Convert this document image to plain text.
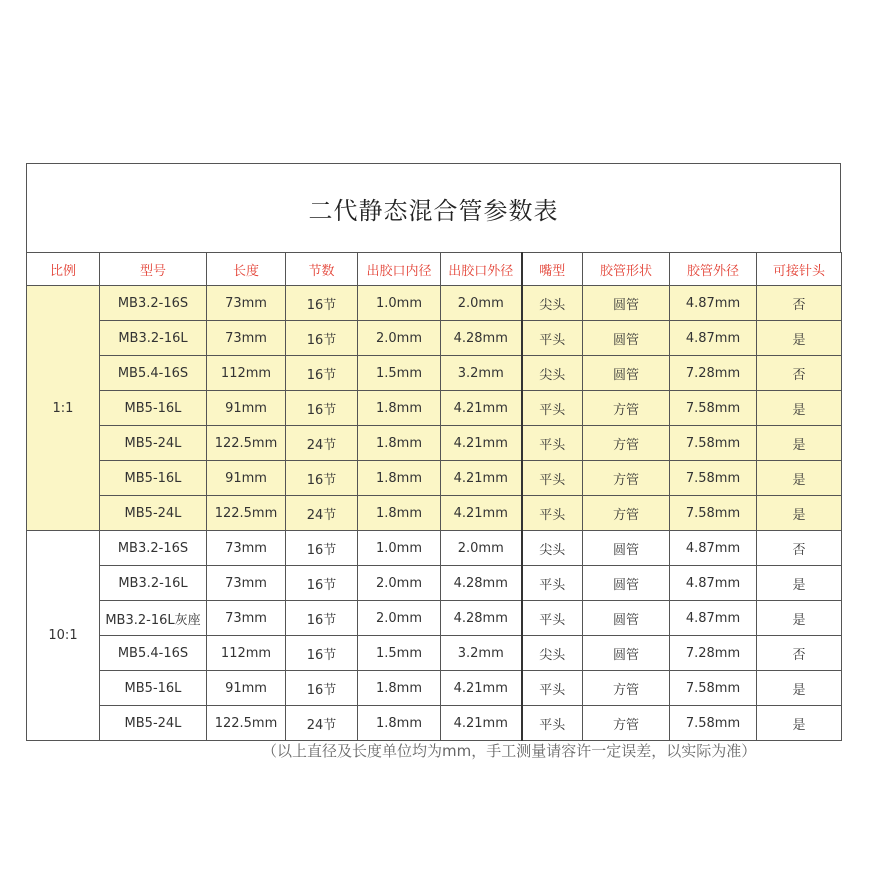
二代静态混合管参数表
比例	型号	长度	节数	出胶口内径	出胶口外径	嘴型	胶管形状	胶管外径	可接针头
1:1	MB3.2-16S	73mm	16节	1.0mm	2.0mm	尖头	圆管	4.87mm	否
	MB3.2-16L	73mm	16节	2.0mm	4.28mm	平头	圆管	4.87mm	是
	MB5.4-16S	112mm	16节	1.5mm	3.2mm	尖头	圆管	7.28mm	否
	MB5-16L	91mm	16节	1.8mm	4.21mm	平头	方管	7.58mm	是
	MB5-24L	122.5mm	24节	1.8mm	4.21mm	平头	方管	7.58mm	是
	MB5-16L	91mm	16节	1.8mm	4.21mm	平头	方管	7.58mm	是
	MB5-24L	122.5mm	24节	1.8mm	4.21mm	平头	方管	7.58mm	是
10:1	MB3.2-16S	73mm	16节	1.0mm	2.0mm	尖头	圆管	4.87mm	否
	MB3.2-16L	73mm	16节	2.0mm	4.28mm	平头	圆管	4.87mm	是
	MB3.2-16L灰座	73mm	16节	2.0mm	4.28mm	平头	圆管	4.87mm	是
	MB5.4-16S	112mm	16节	1.5mm	3.2mm	尖头	圆管	7.28mm	否
	MB5-16L	91mm	16节	1.8mm	4.21mm	平头	方管	7.58mm	是
	MB5-24L	122.5mm	24节	1.8mm	4.21mm	平头	方管	7.58mm	是
（以上直径及长度单位均为mm，手工测量请容许一定误差，以实际为准）
